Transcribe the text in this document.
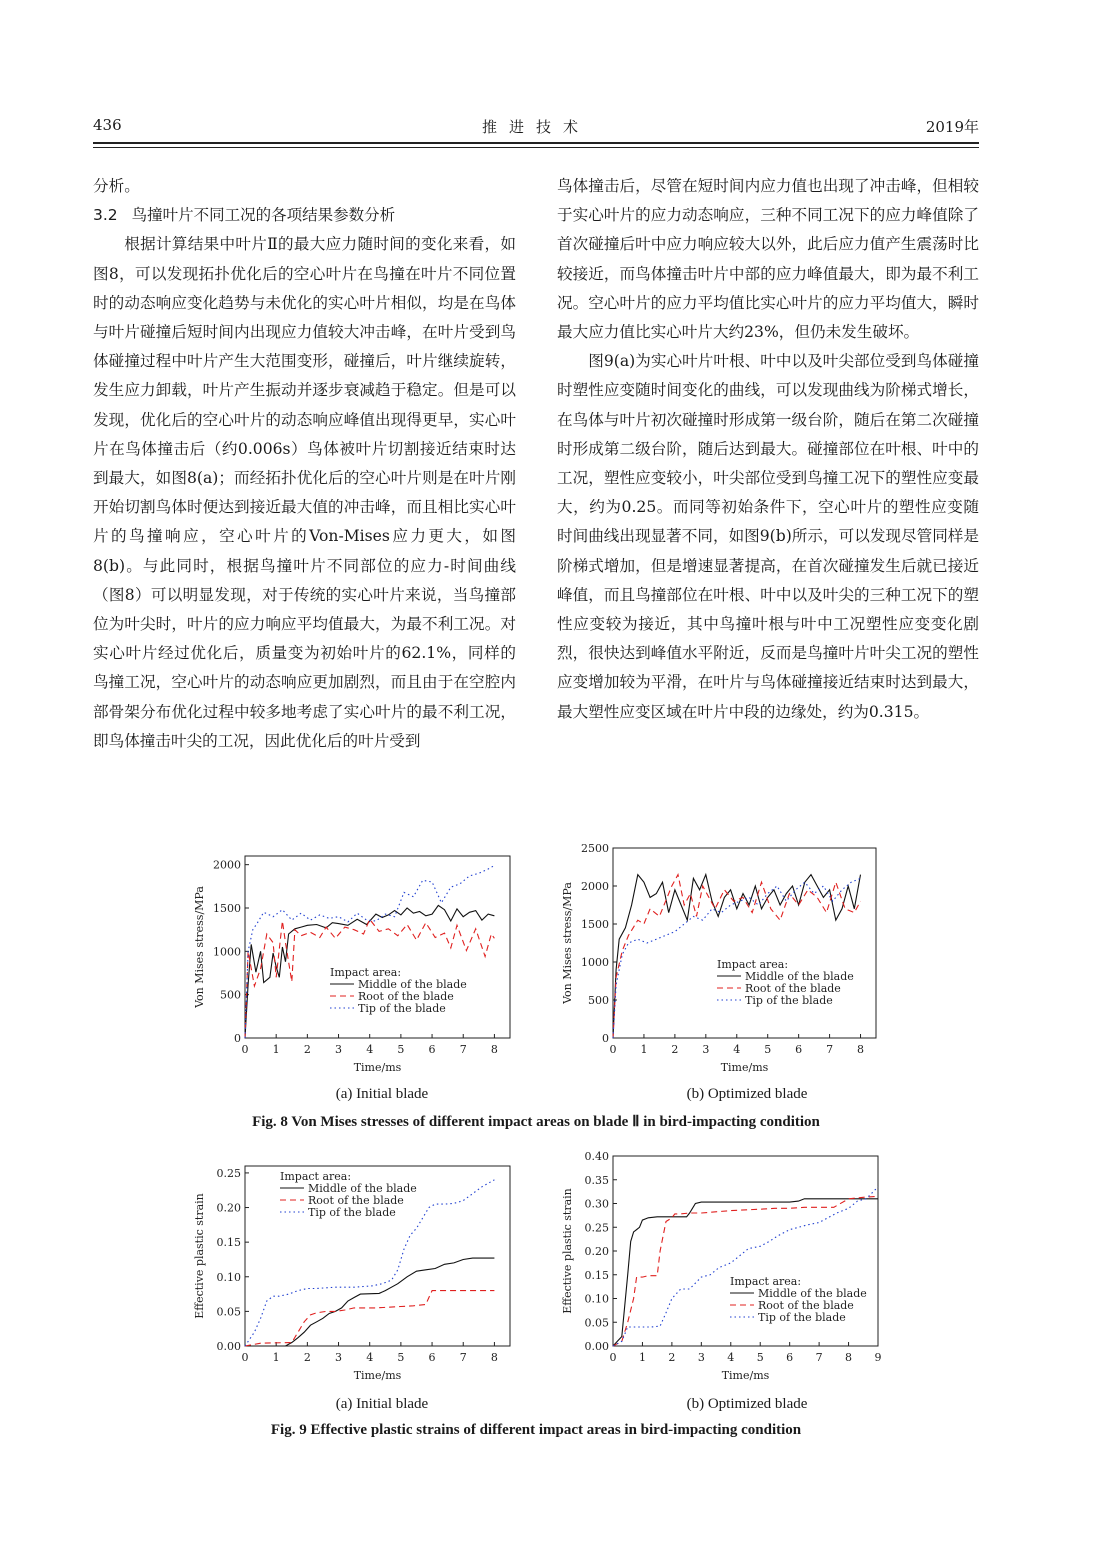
436	推进技术	2019年

分析。

3.2 鸟撞叶片不同工况的各项结果参数分析

根据计算结果中叶片Ⅱ的最大应力随时间的变化来看，如图8，可以发现拓扑优化后的空心叶片在鸟撞在叶片不同位置时的动态响应变化趋势与未优化的实心叶片相似，均是在鸟体与叶片碰撞后短时间内出现应力值较大冲击峰，在叶片受到鸟体碰撞过程中叶片产生大范围变形，碰撞后，叶片继续旋转，发生应力卸载，叶片产生振动并逐步衰减趋于稳定。但是可以发现，优化后的空心叶片的动态响应峰值出现得更早，实心叶片在鸟体撞击后（约0.006s）鸟体被叶片切割接近结束时达到最大，如图8(a)；而经拓扑优化后的空心叶片则是在叶片刚开始切割鸟体时便达到接近最大值的冲击峰，而且相比实心叶片的鸟撞响应，空心叶片的Von-Mises应力更大，如图8(b)。与此同时，根据鸟撞叶片不同部位的应力-时间曲线（图8）可以明显发现，对于传统的实心叶片来说，当鸟撞部位为叶尖时，叶片的应力响应平均值最大，为最不利工况。对实心叶片经过优化后，质量变为初始叶片的62.1%，同样的鸟撞工况，空心叶片的动态响应更加剧烈，而且由于在空腔内部骨架分布优化过程中较多地考虑了实心叶片的最不利工况，即鸟体撞击叶尖的工况，因此优化后的叶片受到

鸟体撞击后，尽管在短时间内应力值也出现了冲击峰，但相较于实心叶片的应力动态响应，三种不同工况下的应力峰值除了首次碰撞后叶中应力响应较大以外，此后应力值产生震荡时比较接近，而鸟体撞击叶片中部的应力峰值最大，即为最不利工况。空心叶片的应力平均值比实心叶片的应力平均值大，瞬时最大应力值比实心叶片大约23%，但仍未发生破坏。

图9(a)为实心叶片叶根、叶中以及叶尖部位受到鸟体碰撞时塑性应变随时间变化的曲线，可以发现曲线为阶梯式增长，在鸟体与叶片初次碰撞时形成第一级台阶，随后在第二次碰撞时形成第二级台阶，随后达到最大。碰撞部位在叶根、叶中的工况，塑性应变较小，叶尖部位受到鸟撞工况下的塑性应变最大，约为0.25。而同等初始条件下，空心叶片的塑性应变随时间曲线出现显著不同，如图9(b)所示，可以发现尽管同样是阶梯式增加，但是增速显著提高，在首次碰撞发生后就已接近峰值，而且鸟撞部位在叶根、叶中以及叶尖的三种工况下的塑性应变较为接近，其中鸟撞叶根与叶中工况塑性应变变化剧烈，很快达到峰值水平附近，反而是鸟撞叶片叶尖工况的塑性应变增加较为平滑，在叶片与鸟体碰撞接近结束时达到最大，最大塑性应变区域在叶片中段的边缘处，约为0.315。

0 1 2 3 4 5 6 7 8
0
500
1000
1500
2000
Time/ms
Von Mises stress/MPa	Impact area:
Middle of the blade
Root of the blade
Tip of the blade
0 1 2 3 4 5 6 7 8
0
500
1000
1500
2000
2500
Time/ms
Von Mises stress/MPa	Impact area:
Middle of the blade
Root of the blade
Tip of the blade
(a) Initial blade	(b) Optimized blade
Fig. 8 Von Mises stresses of different impact areas on blade Ⅱ in bird-impacting condition
0 1 2 3 4 5 6 7 8
0.00
0.05
0.10
0.15
0.20
0.25
Time/ms
Effective plastic strain
Impact area:
Middle of the blade
Root of the blade
Tip of the blade
0 1 2 3 4 5 6 7 8 9
0.00
0.05
0.10
0.15
0.20
0.25
0.30
0.35
0.40
Time/ms
Effective plastic strain	Impact area:
Middle of the blade
Root of the blade
Tip of the blade
(a) Initial blade	(b) Optimized blade
Fig. 9 Effective plastic strains of different impact areas in bird-impacting condition
